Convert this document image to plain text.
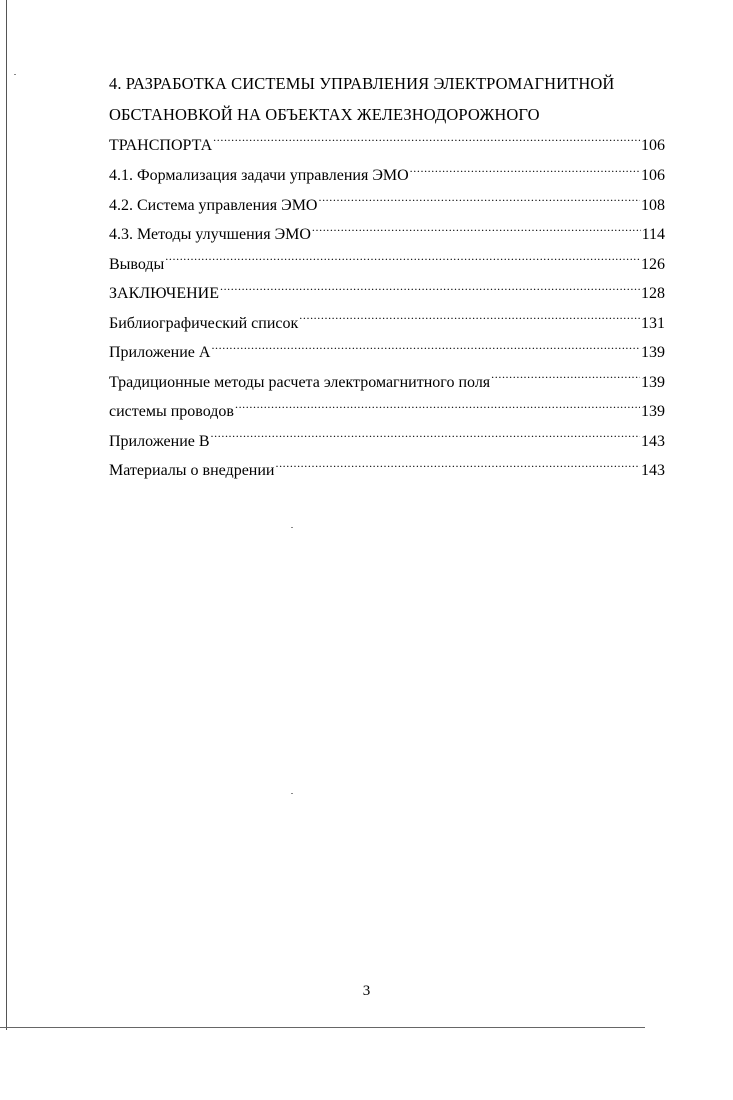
4. РАЗРАБОТКА СИСТЕМЫ УПРАВЛЕНИЯ ЭЛЕКТРОМАГНИТНОЙ
ОБСТАНОВКОЙ НА ОБЪЕКТАХ ЖЕЛЕЗНОДОРОЖНОГО
ТРАНСПОРТА .....	106
4.1. Формализация задачи управления ЭМО .....	106
4.2. Система управления ЭМО .....	108
4.3. Методы улучшения ЭМО .....	114
Выводы .....	126
ЗАКЛЮЧЕНИЕ .....	128
Библиографический список .....	131
Приложение А .....	139
Традиционные методы расчета электромагнитного поля .....	139
системы проводов .....	139
Приложение В .....	143
Материалы о внедрении .....	143
3
